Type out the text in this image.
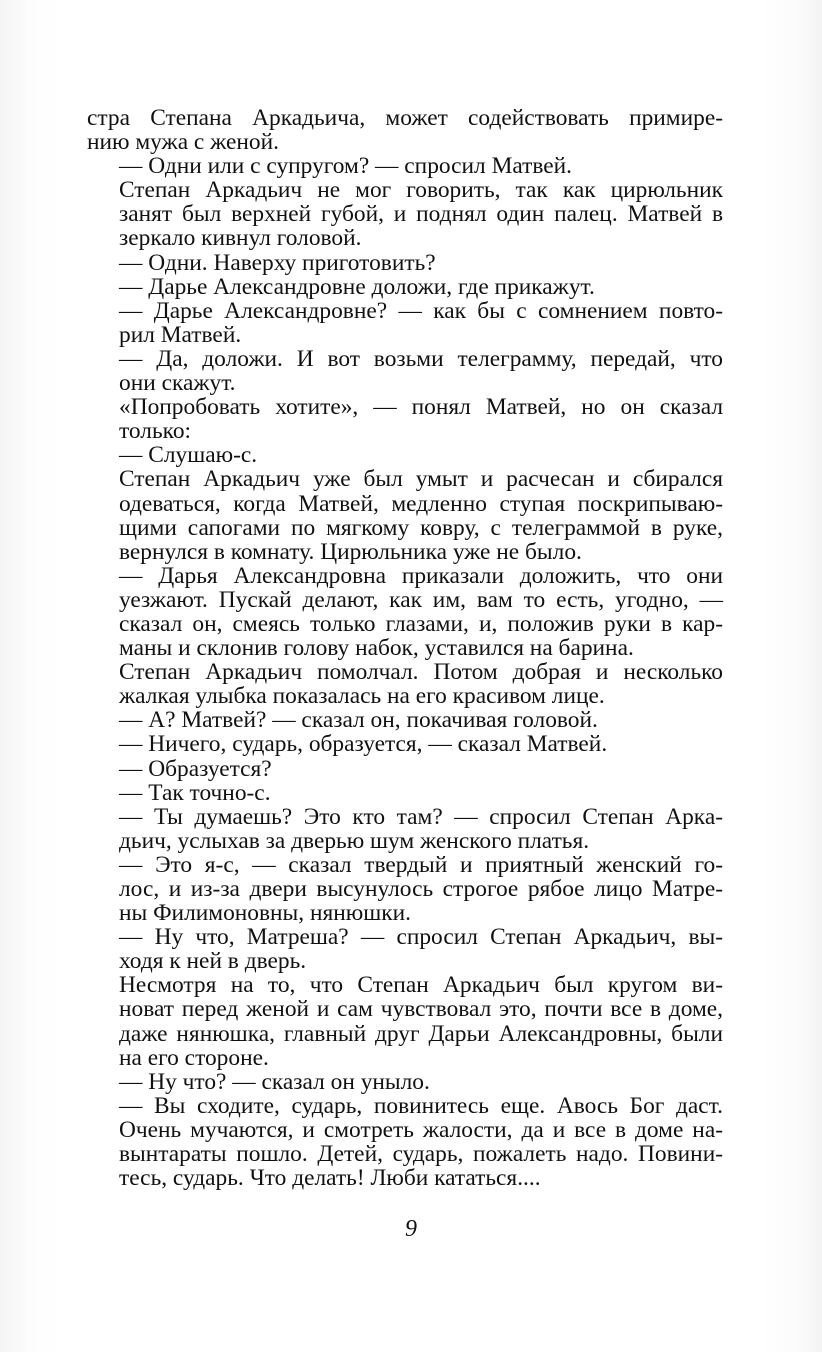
стра Степана Аркадьича, может содействовать примире-
нию мужа с женой.

— Одни или с супругом? — спросил Матвей.

Степан Аркадьич не мог говорить, так как цирюльник
занят был верхней губой, и поднял один палец. Матвей в
зеркало кивнул головой.

— Одни. Наверху приготовить?

— Дарье Александровне доложи, где прикажут.

— Дарье Александровне? — как бы с сомнением повто-
рил Матвей.

— Да, доложи. И вот возьми телеграмму, передай, что
они скажут.

«Попробовать хотите», — понял Матвей, но он сказал
только:

— Слушаю-с.

Степан Аркадьич уже был умыт и расчесан и сбирался
одеваться, когда Матвей, медленно ступая поскрипываю-
щими сапогами по мягкому ковру, с телеграммой в руке,
вернулся в комнату. Цирюльника уже не было.

— Дарья Александровна приказали доложить, что они
уезжают. Пускай делают, как им, вам то есть, угодно, —
сказал он, смеясь только глазами, и, положив руки в кар-
маны и склонив голову набок, уставился на барина.

Степан Аркадьич помолчал. Потом добрая и несколько
жалкая улыбка показалась на его красивом лице.

— А? Матвей? — сказал он, покачивая головой.

— Ничего, сударь, образуется, — сказал Матвей.

— Образуется?

— Так точно-с.

— Ты думаешь? Это кто там? — спросил Степан Арка-
дьич, услыхав за дверью шум женского платья.

— Это я-с, — сказал твердый и приятный женский го-
лос, и из-за двери высунулось строгое рябое лицо Матре-
ны Филимоновны, нянюшки.

— Ну что, Матреша? — спросил Степан Аркадьич, вы-
ходя к ней в дверь.

Несмотря на то, что Степан Аркадьич был кругом ви-
новат перед женой и сам чувствовал это, почти все в доме,
даже нянюшка, главный друг Дарьи Александровны, были
на его стороне.

— Ну что? — сказал он уныло.

— Вы сходите, сударь, повинитесь еще. Авось Бог даст.
Очень мучаются, и смотреть жалости, да и все в доме на-
вынтараты пошло. Детей, сударь, пожалеть надо. Повини-
тесь, сударь. Что делать! Люби кататься....

9
